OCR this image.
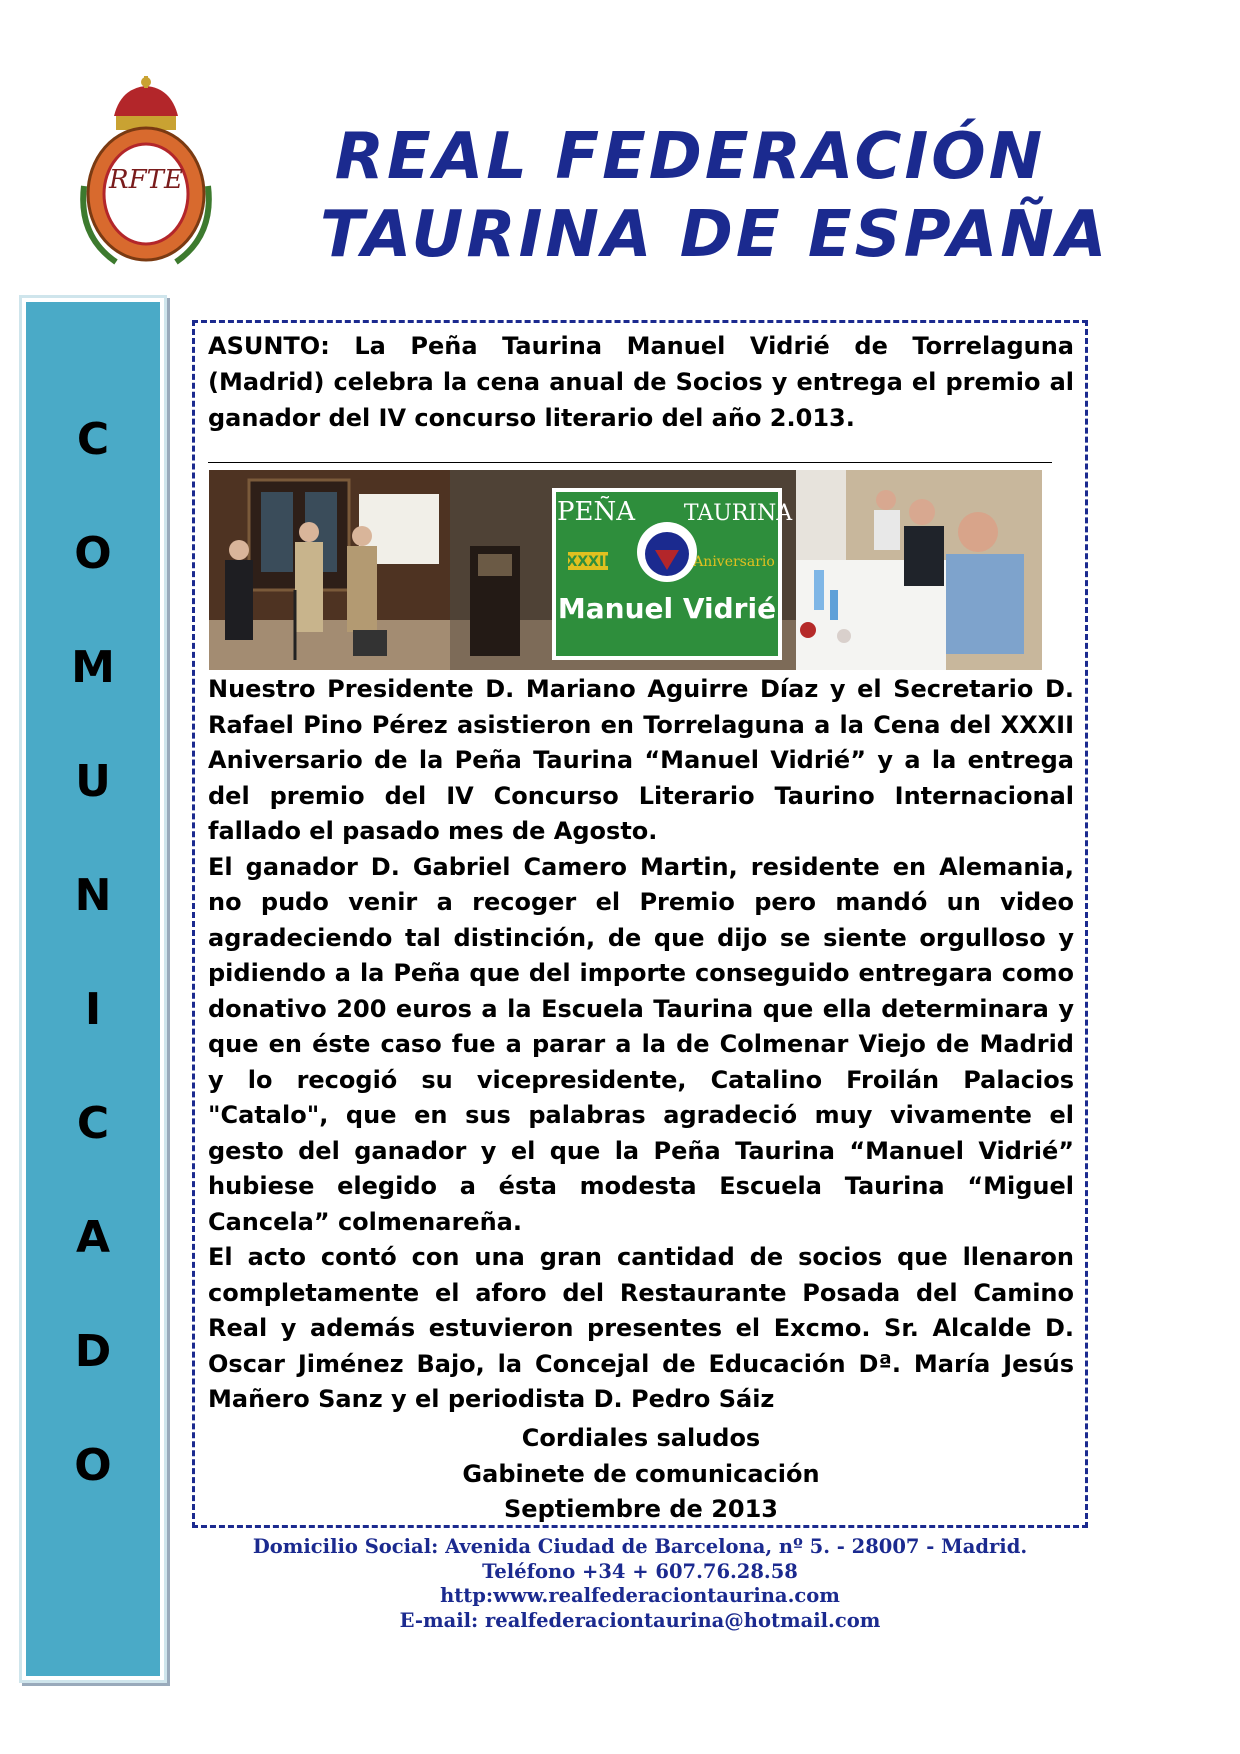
RFTE REAL FEDERACIÓN
TAURINA DE ESPAÑA
C
O
M
U
N
I
C
A
D
O
ASUNTO: La Peña Taurina Manuel Vidrié de Torrelaguna (Madrid) celebra la cena anual de Socios y entrega el premio al ganador del IV concurso literario del año 2.013.
PEÑA TAURINA
XXXII	Aniversario
Manuel Vidrié

Nuestro Presidente D. Mariano Aguirre Díaz y el Secretario D. Rafael Pino Pérez asistieron en Torrelaguna a la Cena del XXXII Aniversario de la Peña Taurina “Manuel Vidrié” y a la entrega del premio del IV Concurso Literario Taurino Internacional fallado el pasado mes de Agosto.

El ganador D. Gabriel Camero Martin, residente en Alemania, no pudo venir a recoger el Premio pero mandó un video agradeciendo tal distinción, de que dijo se siente orgulloso y pidiendo a la Peña que del importe conseguido entregara como donativo 200 euros a la Escuela Taurina que ella determinara y que en éste caso fue a parar a la de Colmenar Viejo de Madrid y lo recogió su vicepresidente, Catalino Froilán Palacios "Catalo", que en sus palabras agradeció muy vivamente el gesto del ganador y el que la Peña Taurina “Manuel Vidrié” hubiese elegido a ésta modesta Escuela Taurina “Miguel Cancela” colmenareña.

El acto contó con una gran cantidad de socios que llenaron completamente el aforo del Restaurante Posada del Camino Real y además estuvieron presentes el Excmo. Sr. Alcalde D. Oscar Jiménez Bajo, la Concejal de Educación Dª. María Jesús Mañero Sanz y el periodista D. Pedro Sáiz

Cordiales saludos
Gabinete de comunicación
Septiembre de 2013
Domicilio Social: Avenida Ciudad de Barcelona, nº 5. - 28007 - Madrid.
Teléfono +34 + 607.76.28.58
http:www.realfederaciontaurina.com
E-mail: realfederaciontaurina@hotmail.com
